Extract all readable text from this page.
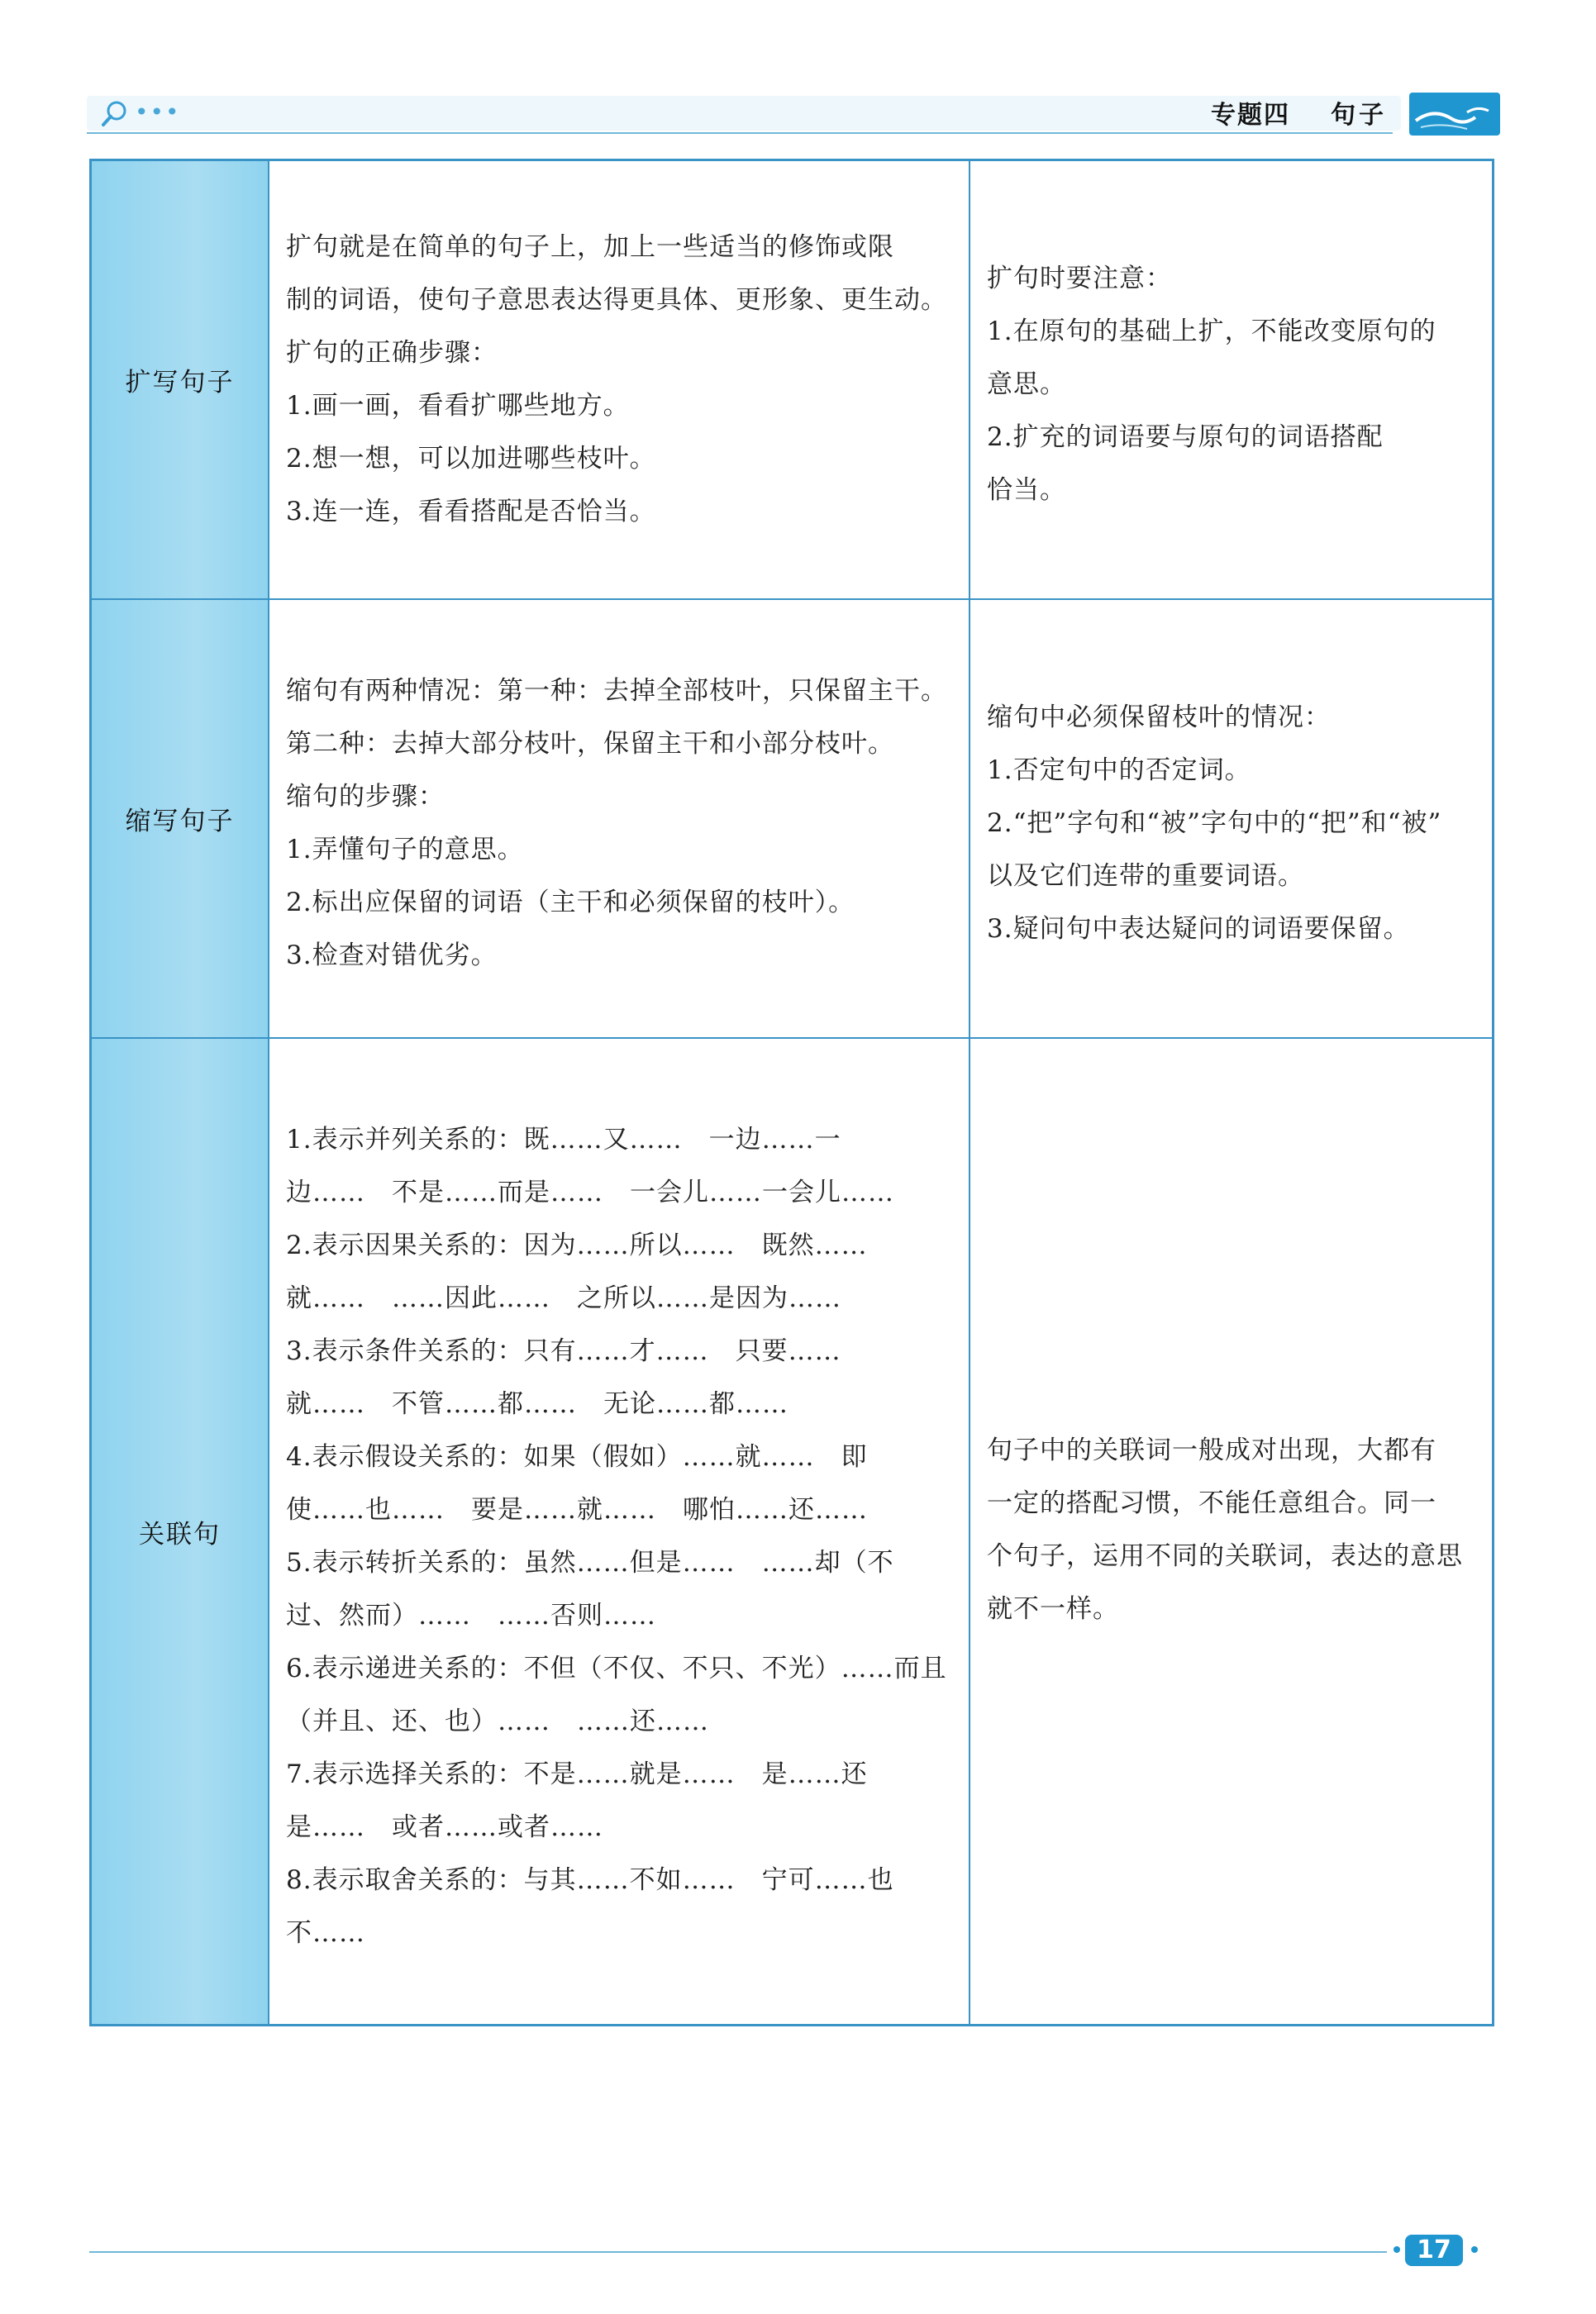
•••	专题四 句子
扩写句子
扩句就是在简单的句子上，加上一些适当的修饰或限
制的词语，使句子意思表达得更具体、更形象、更生动。
扩句的正确步骤：
1.画一画，看看扩哪些地方。
2.想一想，可以加进哪些枝叶。
3.连一连，看看搭配是否恰当。
扩句时要注意：
1.在原句的基础上扩，不能改变原句的
意思。
2.扩充的词语要与原句的词语搭配
恰当。
缩写句子
缩句有两种情况：第一种：去掉全部枝叶，只保留主干。
第二种：去掉大部分枝叶，保留主干和小部分枝叶。
缩句的步骤：
1.弄懂句子的意思。
2.标出应保留的词语（主干和必须保留的枝叶）。
3.检查对错优劣。
缩句中必须保留枝叶的情况：
1.否定句中的否定词。
2.“把”字句和“被”字句中的“把”和“被”
以及它们连带的重要词语。
3.疑问句中表达疑问的词语要保留。
关联句
1.表示并列关系的：既……又……　一边……一
边……　不是……而是……　一会儿……一会儿……
2.表示因果关系的：因为……所以……　既然……
就……　……因此……　之所以……是因为……
3.表示条件关系的：只有……才……　只要……
就……　不管……都……　无论……都……
4.表示假设关系的：如果（假如）……就……　即
使……也……　要是……就……　哪怕……还……
5.表示转折关系的：虽然……但是……　……却（不
过、然而）……　……否则……
6.表示递进关系的：不但（不仅、不只、不光）……而且
（并且、还、也）……　……还……
7.表示选择关系的：不是……就是……　是……还
是……　或者……或者……
8.表示取舍关系的：与其……不如……　宁可……也
不……
句子中的关联词一般成对出现，大都有
一定的搭配习惯，不能任意组合。同一
个句子，运用不同的关联词，表达的意思
就不一样。
17
